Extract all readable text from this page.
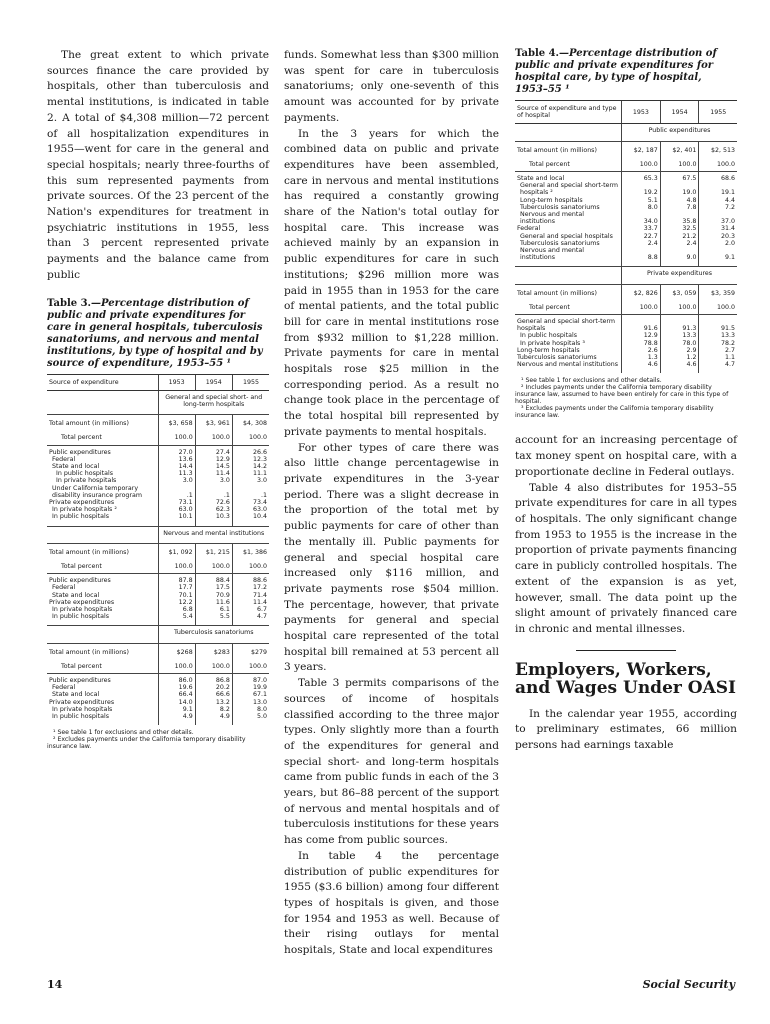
The great extent to which private sources finance the care provided by hospitals, other than tuberculosis and mental institutions, is indicated in table 2. A total of $4,308 million—72 percent of all hospitalization expenditures in 1955—went for care in the general and special hospitals; nearly three-fourths of this sum represented payments from private sources. Of the 23 percent of the Nation's expenditures for treatment in psychiatric institutions in 1955, less than 3 percent represented private payments and the balance came from public

Table 3.—Percentage distribution of public and private expenditures for care in general hospitals, tuberculosis sanatoriums, and nervous and mental institutions, by type of hospital and by source of expenditure, 1953–55 ¹

Source of expenditure	1953	1954	1955
	General and special short- and long-term hospitals		
Total amount (in millions)	$3, 658	$3, 961	$4, 308
Total percent	100.0	100.0	100.0
Public expenditures	27.0	27.4	26.6
Federal	13.6	12.9	12.3
State and local	14.4	14.5	14.2
In public hospitals	11.3	11.4	11.1
In private hospitals	3.0	3.0	3.0
Under California temporary disability insurance program	.1	.1	.1
Private expenditures	73.1	72.6	73.4
In private hospitals ²	63.0	62.3	63.0
In public hospitals	10.1	10.3	10.4

	Nervous and mental institutions		
Total amount (in millions)	$1, 092	$1, 215	$1, 386
Total percent	100.0	100.0	100.0
Public expenditures	87.8	88.4	88.6
Federal	17.7	17.5	17.2
State and local	70.1	70.9	71.4
Private expenditures	12.2	11.6	11.4
In private hospitals	6.8	6.1	6.7
In public hospitals	5.4	5.5	4.7

	Tuberculosis sanatoriums		
Total amount (in millions)	$268	$283	$279
Total percent	100.0	100.0	100.0
Public expenditures	86.0	86.8	87.0
Federal	19.6	20.2	19.9
State and local	66.4	66.6	67.1
Private expenditures	14.0	13.2	13.0
In private hospitals	9.1	8.2	8.0
In public hospitals	4.9	4.9	5.0

¹ See table 1 for exclusions and other details.

² Excludes payments under the California temporary disability insurance law.

funds. Somewhat less than $300 million was spent for care in tuberculosis sanatoriums; only one-seventh of this amount was accounted for by private payments.

In the 3 years for which the combined data on public and private expenditures have been assembled, care in nervous and mental institutions has required a constantly growing share of the Nation's total outlay for hospital care. This increase was achieved mainly by an expansion in public expenditures for care in such institutions; $296 million more was paid in 1955 than in 1953 for the care of mental patients, and the total public bill for care in mental institutions rose from $932 million to $1,228 million. Private payments for care in mental hospitals rose $25 million in the corresponding period. As a result no change took place in the percentage of the total hospital bill represented by private payments to mental hospitals.

For other types of care there was also little change percentagewise in private expenditures in the 3-year period. There was a slight decrease in the proportion of the total met by public payments for care of other than the mentally ill. Public payments for general and special hospital care increased only $116 million, and private payments rose $504 million. The percentage, however, that private payments for general and special hospital care represented of the total hospital bill remained at 53 percent all 3 years.

Table 3 permits comparisons of the sources of income of hospitals classified according to the three major types. Only slightly more than a fourth of the expenditures for general and special short- and long-term hospitals came from public funds in each of the 3 years, but 86–88 percent of the support of nervous and mental hospitals and of tuberculosis institutions for these years has come from public sources.

In table 4 the percentage distribution of public expenditures for 1955 ($3.6 billion) among four different types of hospitals is given, and those for 1954 and 1953 as well. Because of their rising outlays for mental hospitals, State and local expenditures

Table 4.—Percentage distribution of public and private expenditures for hospital care, by type of hospital, 1953–55 ¹

Source of expenditure and type of hospital	1953	1954	1955
	Public expenditures		
Total amount (in millions)	$2, 187	$2, 401	$2, 513
Total percent	100.0	100.0	100.0
State and local	65.3	67.5	68.6
General and special short-term hospitals ²	19.2	19.0	19.1
Long-term hospitals	5.1	4.8	4.4
Tuberculosis sanatoriums	8.0	7.8	7.2
Nervous and mental institutions	34.0	35.8	37.0
Federal	33.7	32.5	31.4
General and special hospitals	22.7	21.2	20.3
Tuberculosis sanatoriums	2.4	2.4	2.0
Nervous and mental institutions	8.8	9.0	9.1

	Private expenditures		
Total amount (in millions)	$2, 826	$3, 059	$3, 359
Total percent	100.0	100.0	100.0
General and special short-term hospitals	91.6	91.3	91.5
In public hospitals	12.9	13.3	13.3
In private hospitals ³	78.8	78.0	78.2
Long-term hospitals	2.6	2.9	2.7
Tuberculosis sanatoriums	1.3	1.2	1.1
Nervous and mental institutions	4.6	4.6	4.7

¹ See table 1 for exclusions and other details.

² Includes payments under the California temporary disability insurance law, assumed to have been entirely for care in this type of hospital.

³ Excludes payments under the California temporary disability insurance law.

account for an increasing percentage of tax money spent on hospital care, with a proportionate decline in Federal outlays.

Table 4 also distributes for 1953–55 private expenditures for care in all types of hospitals. The only significant change from 1953 to 1955 is the increase in the proportion of private payments financing care in publicly controlled hospitals. The extent of the expansion is as yet, however, small. The data point up the slight amount of privately financed care in chronic and mental illnesses.

Employers, Workers, and Wages Under OASI

In the calendar year 1955, according to preliminary estimates, 66 million persons had earnings taxable

14	Social Security
